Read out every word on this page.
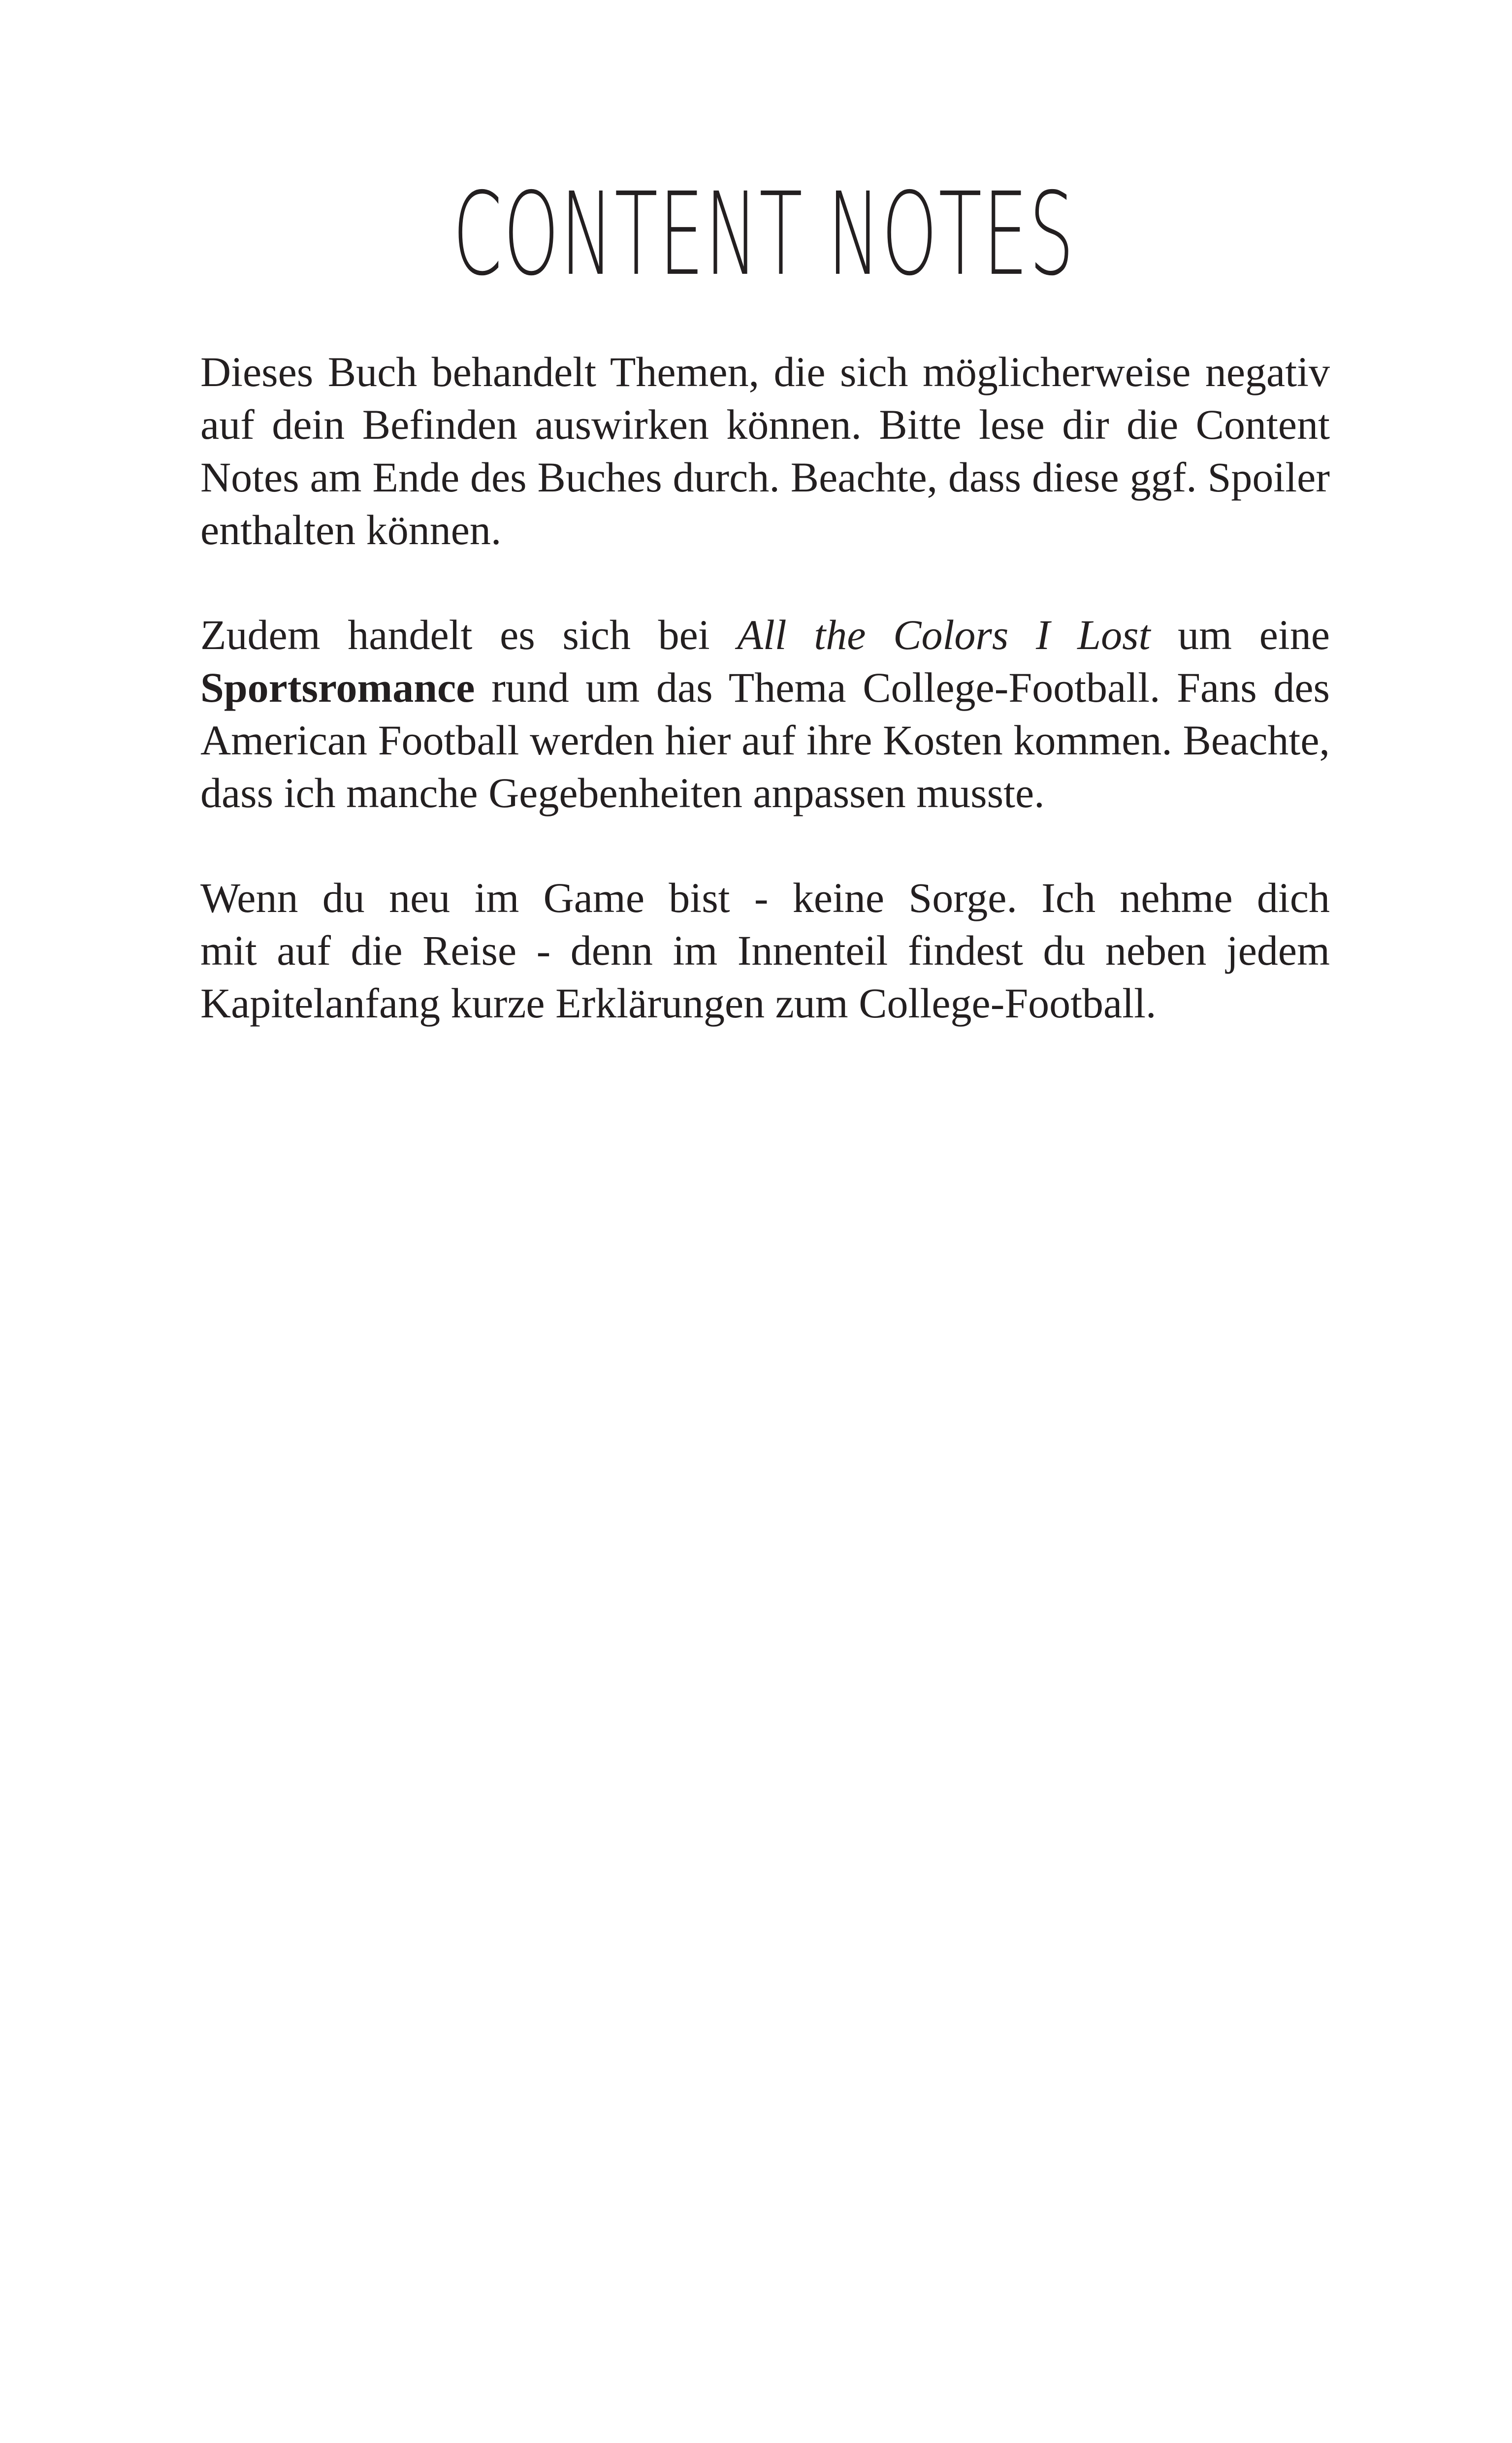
CONTENT NOTES

Dieses Buch behandelt Themen, die sich möglicherweise negativ
auf dein Befinden auswirken können. Bitte lese dir die Content
Notes am Ende des Buches durch. Beachte, dass diese ggf. Spoiler
enthalten können.

Zudem handelt es sich bei All the Colors I Lost um eine
Sportsromance rund um das Thema College-Football. Fans des
American Football werden hier auf ihre Kosten kommen. Beachte,
dass ich manche Gegebenheiten anpassen musste.

Wenn du neu im Game bist - keine Sorge. Ich nehme dich
mit auf die Reise - denn im Innenteil findest du neben jedem
Kapitelanfang kurze Erklärungen zum College-Football.
